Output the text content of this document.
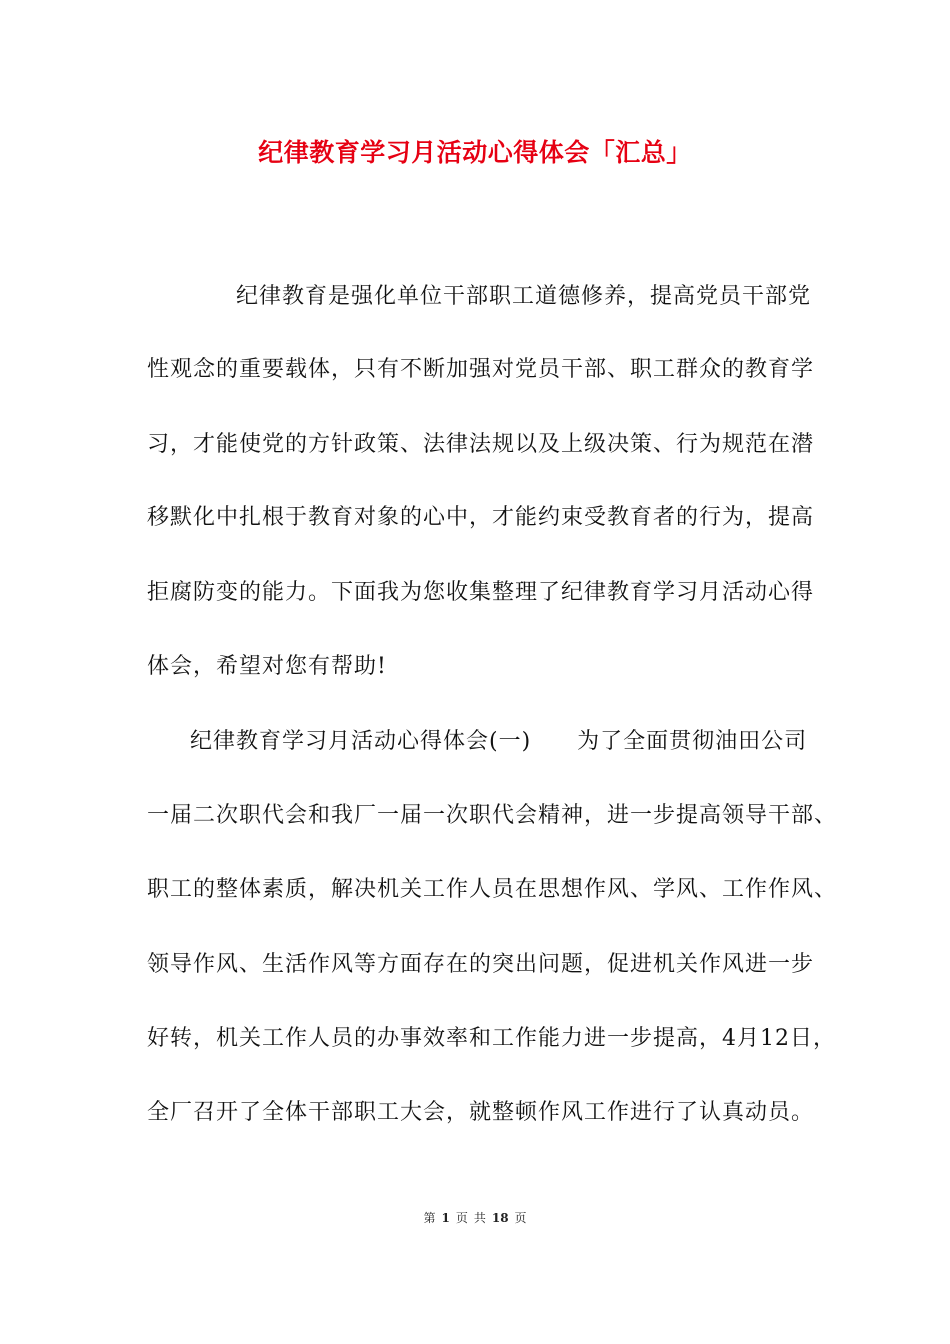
纪律教育学习月活动心得体会「汇总」
纪律教育是强化单位干部职工道德修养，提高党员干部党
性观念的重要载体，只有不断加强对党员干部、职工群众的教育学
习，才能使党的方针政策、法律法规以及上级决策、行为规范在潜
移默化中扎根于教育对象的心中，才能约束受教育者的行为，提高
拒腐防变的能力。下面我为您收集整理了纪律教育学习月活动心得
体会，希望对您有帮助!
纪律教育学习月活动心得体会(一)　　为了全面贯彻油田公司
一届二次职代会和我厂一届一次职代会精神，进一步提高领导干部、
职工的整体素质，解决机关工作人员在思想作风、学风、工作作风、
领导作风、生活作风等方面存在的突出问题，促进机关作风进一步
好转，机关工作人员的办事效率和工作能力进一步提高，4月12日，
全厂召开了全体干部职工大会，就整顿作风工作进行了认真动员。
第 1 页 共 18 页
